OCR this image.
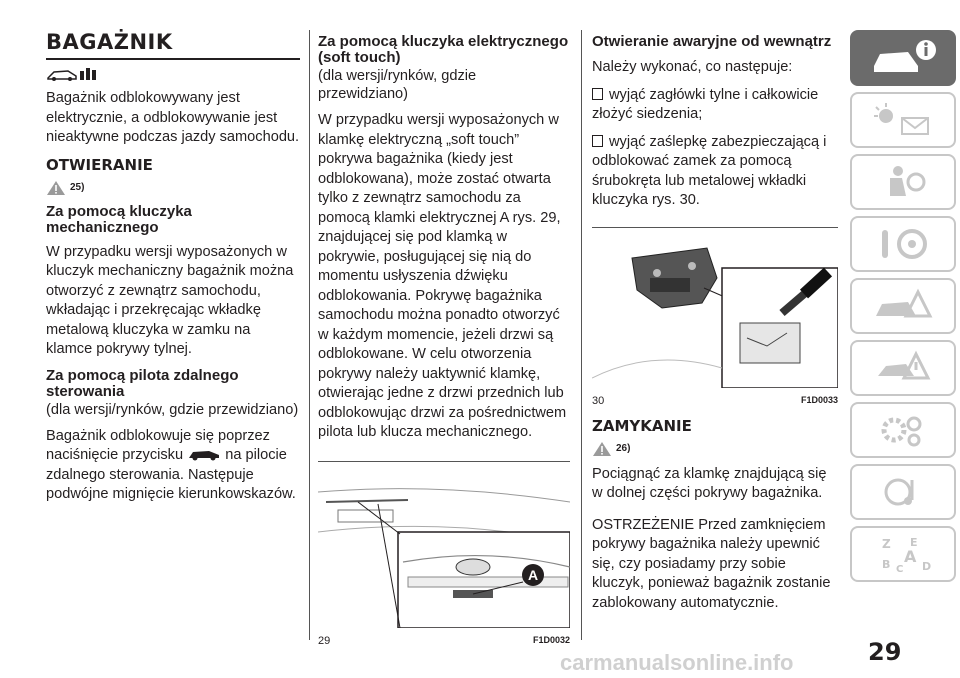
BAGAŻNIK

Bagażnik odblokowywany jest elektrycznie, a odblokowywanie jest nieaktywne podczas jazdy samochodu.

OTWIERANIE
25)
Za pomocą kluczyka mechanicznego

W przypadku wersji wyposażonych w kluczyk mechaniczny bagażnik można otworzyć z zewnątrz samochodu, wkładając i przekręcając wkładkę metalową kluczyka w zamku na klamce pokrywy tylnej.

Za pomocą pilota zdalnego sterowania
(dla wersji/rynków, gdzie przewidziano)

Bagażnik odblokowuje się poprzez naciśnięcie przycisku	na pilocie zdalnego sterowania. Następuje podwójne mignięcie kierunkowskazów.

Za pomocą kluczyka elektrycznego (soft touch)
(dla wersji/rynków, gdzie przewidziano)

W przypadku wersji wyposażonych w klamkę elektryczną „soft touch” pokrywa bagażnika (kiedy jest odblokowana), może zostać otwarta tylko z zewnątrz samochodu za pomocą klamki elektrycznej A rys. 29, znajdującej się pod klamką w pokrywie, posługującej się nią do momentu usłyszenia dźwięku odblokowania. Pokrywę bagażnika samochodu można ponadto otworzyć w każdym momencie, jeżeli drzwi są odblokowane. W celu otworzenia pokrywy należy uaktywnić klamkę, otwierając jedne z drzwi przednich lub odblokowując drzwi za pośrednictwem pilota lub klucza mechanicznego.

A
29	F1D0032
Otwieranie awaryjne od wewnątrz

Należy wykonać, co następuje:

wyjąć zagłówki tylne i całkowicie złożyć siedzenia;

wyjąć zaślepkę zabezpieczającą i odblokować zamek za pomocą śrubokręta lub metalowej wkładki kluczyka rys. 30.

30	F1D0033
ZAMYKANIE
26)

Pociągnąć za klamkę znajdującą się w dolnej części pokrywy bagażnika.

OSTRZEŻENIE Przed zamknięciem pokrywy bagażnika należy upewnić się, czy posiadamy przy sobie kluczyk, ponieważ bagażnik zostanie zablokowany automatycznie.

Z E
B A
C D
29
carmanualsonline.info
